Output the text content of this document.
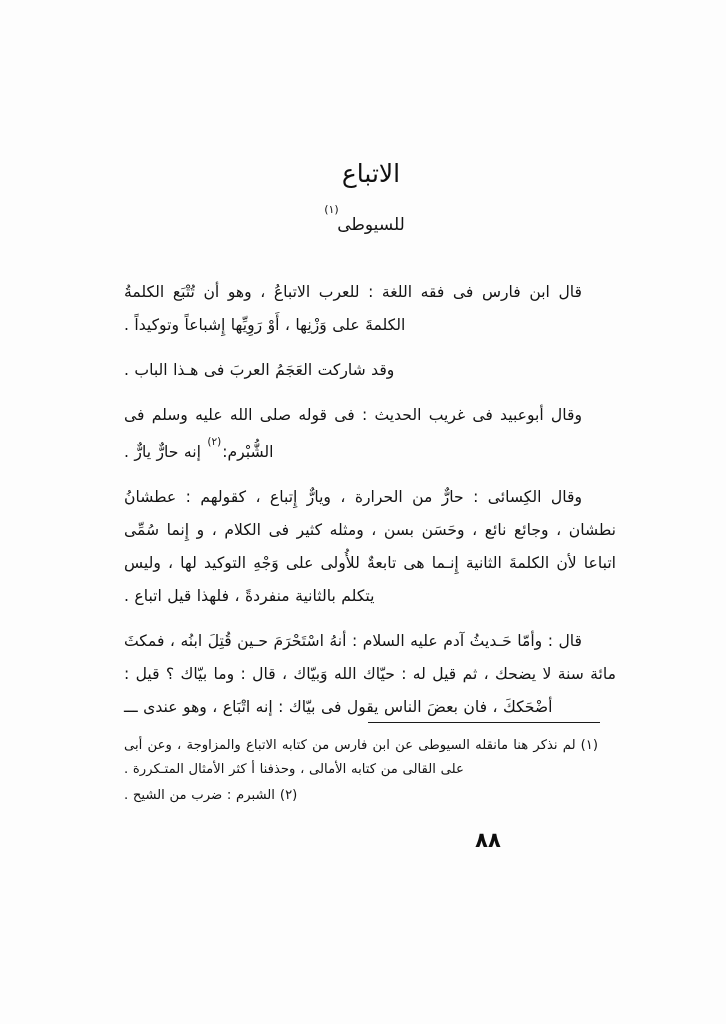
الاتباع
(١)
للسيوطى

قال ابن فارس فى فقه اللغة : للعرب الاتباعُ ، وهو أن تُتْبَع الكلمةُ الكلمةَ على وَزْنِها ، أَوْ رَوِيِّها إِشباعاً وتوكيداً .

وقد شاركت العَجَمُ العربَ فى هـذا الباب .

وقال أبوعبيد فى غريب الحديث : فى قوله صلى الله عليه وسلم فى الشُّبْرم:$^{(٢)}$ إنه حارٌّ يارٌّ .

وقال الكِسائى : حارٌّ من الحرارة ، ويارٌّ إِتباع ، كقولهم : عطشانُ نطشان ، وجائع نائع ، وحَسَن بسن ، ومثله كثير فى الكلام ، و إِنما سُمِّى اتباعا لأن الكلمةَ الثانية إِنـما هى تابعةٌ للأُولى على وَجْهِ التوكيد لها ، وليس يتكلم بالثانية منفردةً ، فلهذا قيل اتباع .

قال : وأمّا حَـديثُ آدم عليه السلام : أنهُ اسْتَحْرَمَ حـين قُتِلَ ابنُه ، فمكثَ مائة سنة لا يضحك ، ثم قيل له : حيّاك الله وَبيّاك ، قال : وما بيّاك ؟ قيل : أضْحَككَ ، فان بعضَ الناس يقول فى بيّاك : إنه اتْبَاع ، وهو عندى ـــ

(١)لم نذكر هنا مانقله السيوطى عن ابن فارس من كتابه الاتباع والمزاوجة ، وعن أبى على القالى من كتابه الأمالى ، وحذفنا أ كثر الأمثال المتـكررة .

(٢)الشبرم : ضرب من الشيح .

٨٨
